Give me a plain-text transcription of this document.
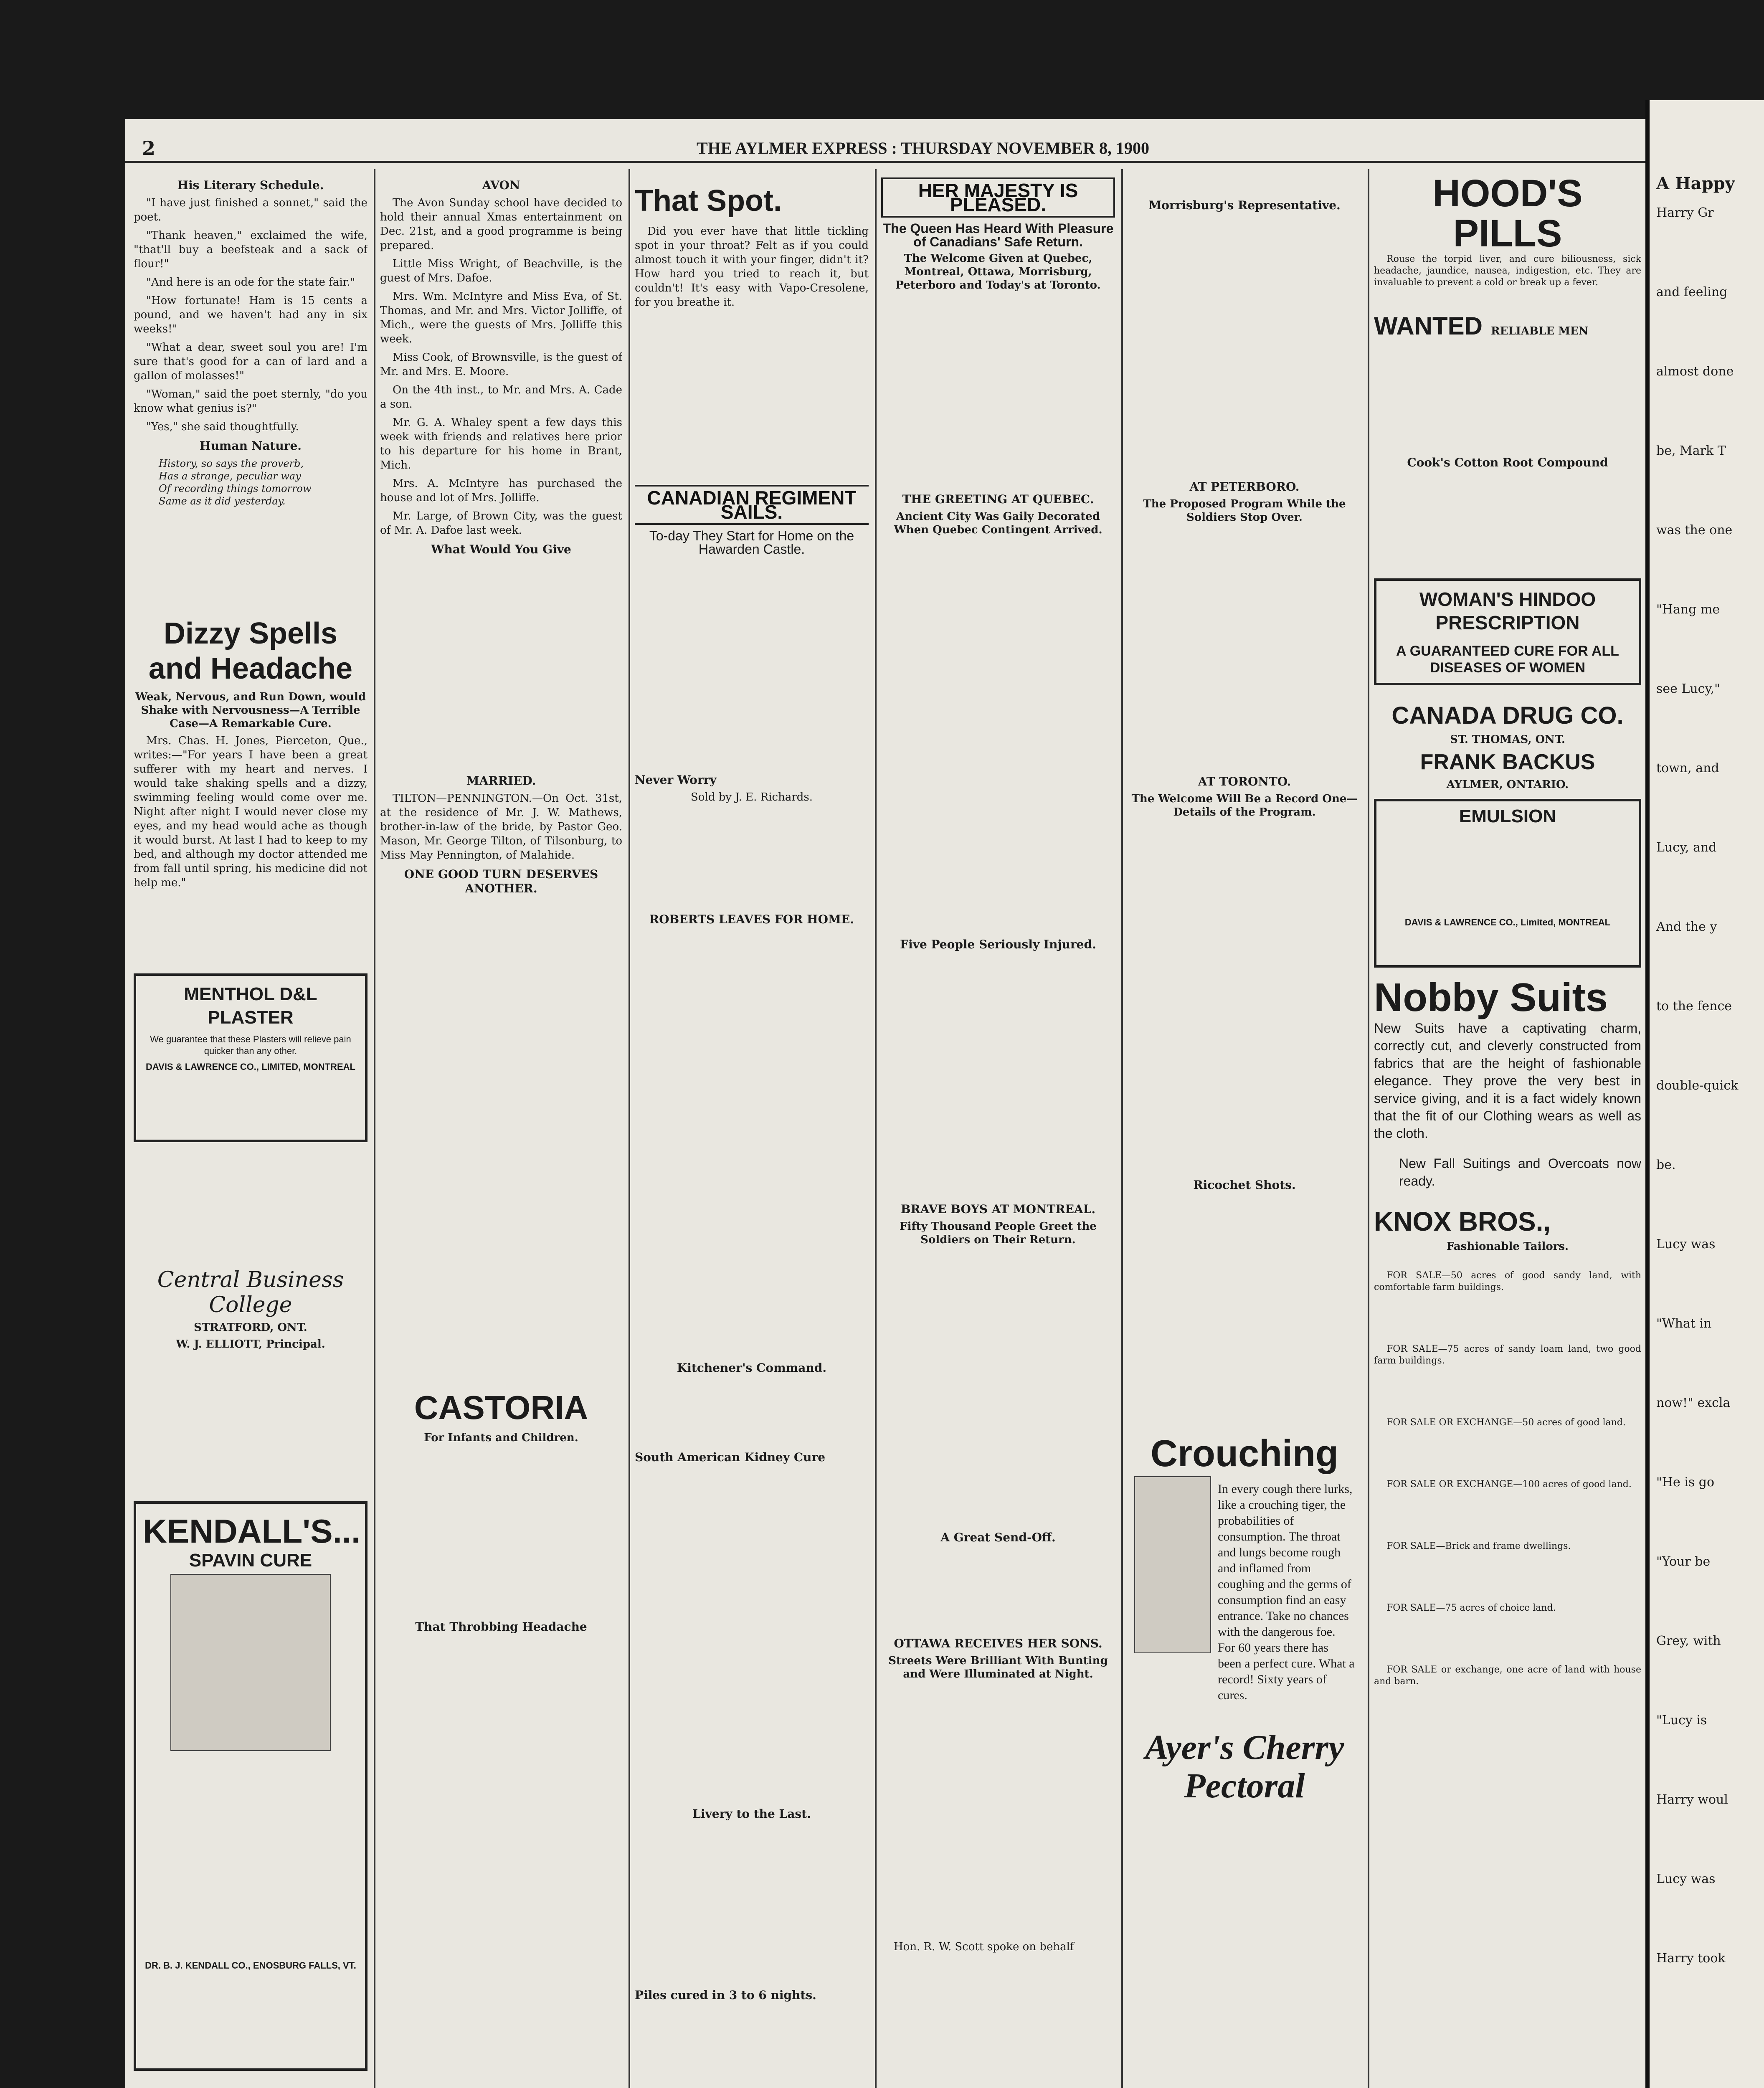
2	THE AYLMER EXPRESS : THURSDAY NOVEMBER 8, 1900
His Literary Schedule.
"I have just finished a sonnet," said the poet.
"Thank heaven," exclaimed the wife, "that'll buy a beefsteak and a sack of flour!"
"And here is an ode for the state fair."
"How fortunate! Ham is 15 cents a pound, and we haven't had any in six weeks!"
"What a dear, sweet soul you are! I'm sure that's good for a can of lard and a gallon of molasses!"
"Woman," said the poet sternly, "do you know what genius is?"
"Yes," she said thoughtfully.
Human Nature.
History, so says the proverb,
Has a strange, peculiar way
Of recording things tomorrow
Same as it did yesterday.
Dizzy Spells and Headache
Weak, Nervous, and Run Down, would Shake with Nervousness—A Terrible Case—A Remarkable Cure.
Mrs. Chas. H. Jones, Pierceton, Que., writes:—"For years I have been a great sufferer with my heart and nerves. I would take shaking spells and a dizzy, swimming feeling would come over me. Night after night I would never close my eyes, and my head would ache as though it would burst. At last I had to keep to my bed, and although my doctor attended me from fall until spring, his medicine did not help me."
MENTHOL D&L PLASTER
We guarantee that these Plasters will relieve pain quicker than any other.
DAVIS & LAWRENCE CO., LIMITED, MONTREAL
Central Business College
STRATFORD, ONT.
W. J. ELLIOTT, Principal.
KENDALL'S...
SPAVIN CURE
DR. B. J. KENDALL CO., ENOSBURG FALLS, VT.
AVON
The Avon Sunday school have decided to hold their annual Xmas entertainment on Dec. 21st, and a good programme is being prepared.
Little Miss Wright, of Beachville, is the guest of Mrs. Dafoe.
Mrs. Wm. McIntyre and Miss Eva, of St. Thomas, and Mr. and Mrs. Victor Jolliffe, of Mich., were the guests of Mrs. Jolliffe this week.
Miss Cook, of Brownsville, is the guest of Mr. and Mrs. E. Moore.
On the 4th inst., to Mr. and Mrs. A. Cade a son.
Mr. G. A. Whaley spent a few days this week with friends and relatives here prior to his departure for his home in Brant, Mich.
Mrs. A. McIntyre has purchased the house and lot of Mrs. Jolliffe.
Mr. Large, of Brown City, was the guest of Mr. A. Dafoe last week.
What Would You Give
MARRIED.
TILTON—PENNINGTON.—On Oct. 31st, at the residence of Mr. J. W. Mathews, brother-in-law of the bride, by Pastor Geo. Mason, Mr. George Tilton, of Tilsonburg, to Miss May Pennington, of Malahide.
ONE GOOD TURN DESERVES ANOTHER.
CASTORIA
For Infants and Children.
That Throbbing Headache
That Spot.
Did you ever have that little tickling spot in your throat? Felt as if you could almost touch it with your finger, didn't it? How hard you tried to reach it, but couldn't! It's easy with Vapo-Cresolene, for you breathe it.
CANADIAN REGIMENT SAILS.
To-day They Start for Home on the Hawarden Castle.
Never Worry
Sold by J. E. Richards.
ROBERTS LEAVES FOR HOME.
Kitchener's Command.
South American Kidney Cure
Livery to the Last.
Piles cured in 3 to 6 nights.
HER MAJESTY IS PLEASED.
The Queen Has Heard With Pleasure of Canadians' Safe Return.
The Welcome Given at Quebec, Montreal, Ottawa, Morrisburg, Peterboro and Today's at Toronto.
THE GREETING AT QUEBEC.
Ancient City Was Gaily Decorated When Quebec Contingent Arrived.
Five People Seriously Injured.
BRAVE BOYS AT MONTREAL.
Fifty Thousand People Greet the Soldiers on Their Return.
A Great Send-Off.
OTTAWA RECEIVES HER SONS.
Streets Were Brilliant With Bunting and Were Illuminated at Night.
Hon. R. W. Scott spoke on behalf
Morrisburg's Representative.
AT PETERBORO.
The Proposed Program While the Soldiers Stop Over.
AT TORONTO.
The Welcome Will Be a Record One—Details of the Program.
Ricochet Shots.
Crouching
In every cough there lurks, like a crouching tiger, the probabilities of consumption. The throat and lungs become rough and inflamed from coughing and the germs of consumption find an easy entrance. Take no chances with the dangerous foe. For 60 years there has been a perfect cure. What a record! Sixty years of cures.
Ayer's Cherry Pectoral
HOOD'S PILLS
Rouse the torpid liver, and cure biliousness, sick headache, jaundice, nausea, indigestion, etc. They are invaluable to prevent a cold or break up a fever.
WANTED RELIABLE MEN
Cook's Cotton Root Compound
WOMAN'S HINDOO PRESCRIPTION
A GUARANTEED CURE FOR ALL DISEASES OF WOMEN
CANADA DRUG CO.
ST. THOMAS, ONT.
FRANK BACKUS
AYLMER, ONTARIO.
EMULSION
DAVIS & LAWRENCE CO., Limited, MONTREAL
Nobby Suits
New Suits have a captivating charm, correctly cut, and cleverly constructed from fabrics that are the height of fashionable elegance. They prove the very best in service giving, and it is a fact widely known that the fit of our Clothing wears as well as the cloth.
New Fall Suitings and Overcoats now ready.
KNOX BROS.,
Fashionable Tailors.
FOR SALE—50 acres of good sandy land, with comfortable farm buildings.
FOR SALE—75 acres of sandy loam land, two good farm buildings.
FOR SALE OR EXCHANGE—50 acres of good land.
FOR SALE OR EXCHANGE—100 acres of good land.
FOR SALE—Brick and frame dwellings.
FOR SALE—75 acres of choice land.
FOR SALE or exchange, one acre of land with house and barn.
A Happy
Harry Gr
and feeling
almost done
be, Mark T
was the one
"Hang me
see Lucy,"
town, and
Lucy, and
And the y
to the fence
double-quick
be.
Lucy was
"What in
now!" excla
"He is go
"Your be
Grey, with
"Lucy is
Harry woul
Lucy was
Harry took
